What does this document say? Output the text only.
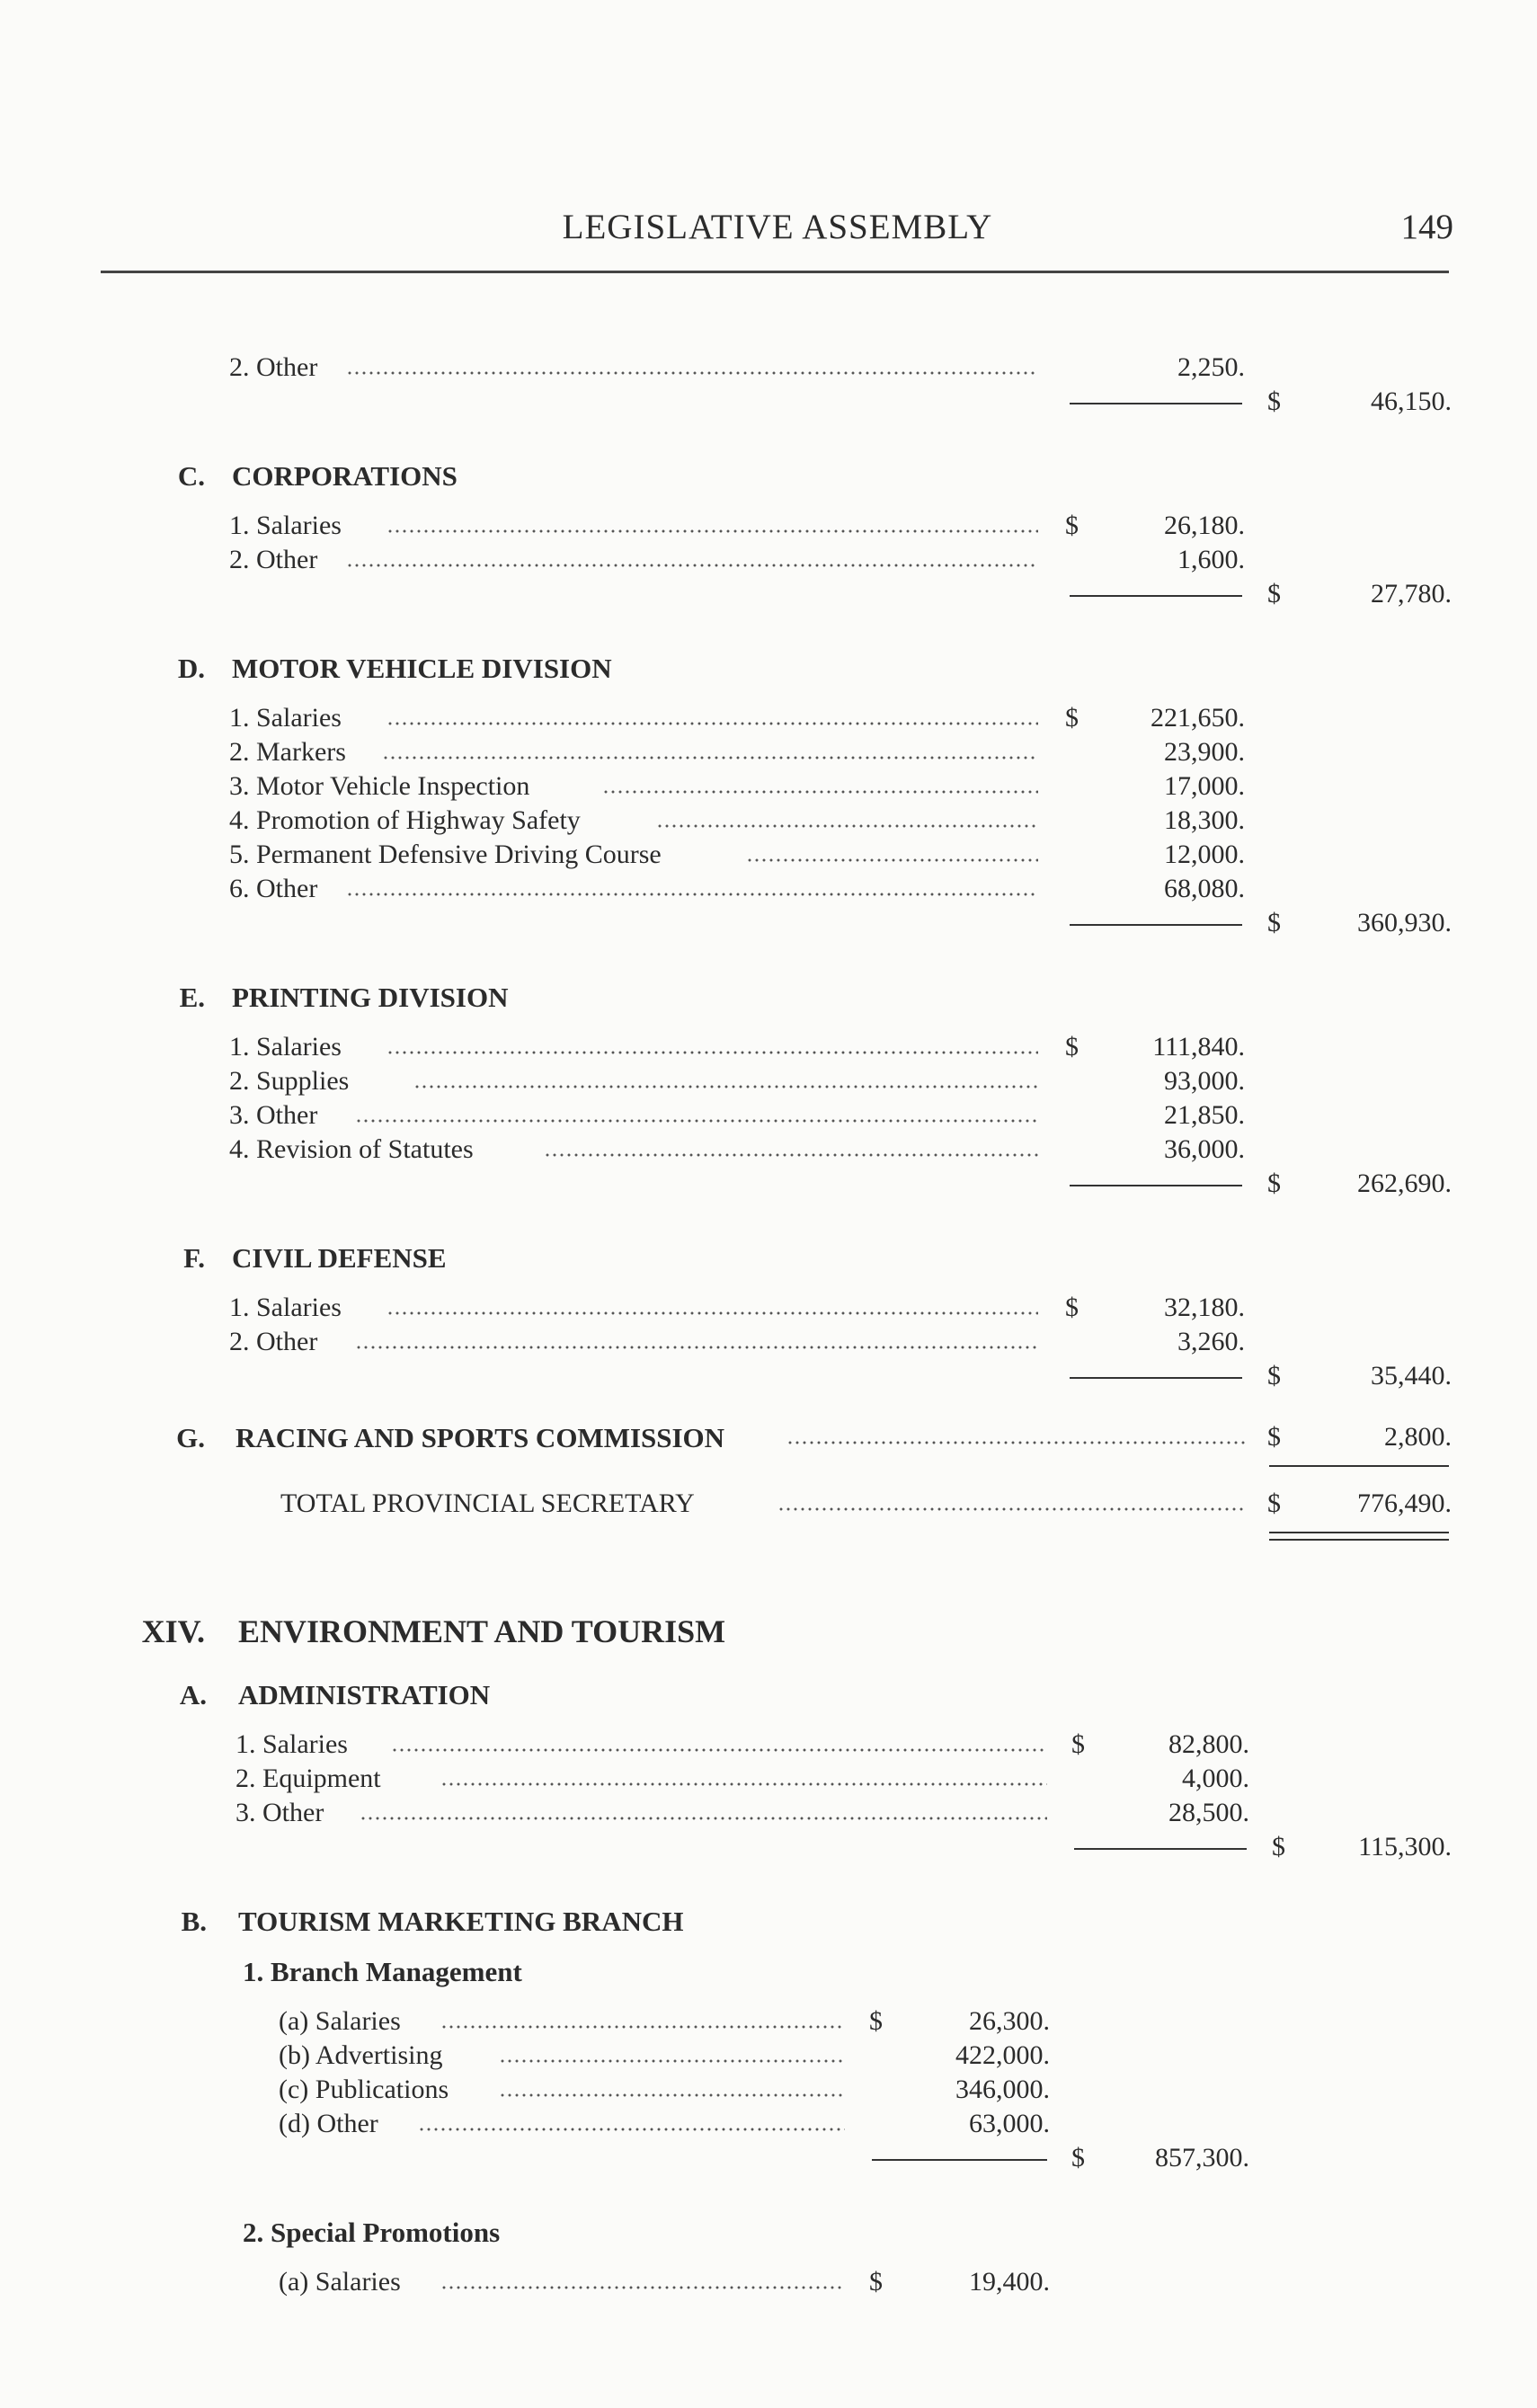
LEGISLATIVE ASSEMBLY	149
2. Other	2,250.
$	46,150.
C. CORPORATIONS
1. Salaries	$	26,180.
2. Other	1,600.
$	27,780.
D. MOTOR VEHICLE DIVISION
1. Salaries	$	221,650.
2. Markers	23,900.
3. Motor Vehicle Inspection	17,000.
4. Promotion of Highway Safety	18,300.
5. Permanent Defensive Driving Course	12,000.
6. Other	68,080.
$	360,930.
E. PRINTING DIVISION
1. Salaries	$	111,840.
2. Supplies	93,000.
3. Other	21,850.
4. Revision of Statutes	36,000.
$	262,690.
F. CIVIL DEFENSE
1. Salaries	$	32,180.
2. Other	3,260.
$	35,440.
G. RACING AND SPORTS COMMISSION	$	2,800.
TOTAL PROVINCIAL SECRETARY	$	776,490.
XIV. ENVIRONMENT AND TOURISM
A. ADMINISTRATION
1. Salaries	$	82,800.
2. Equipment	4,000.
3. Other	28,500.
$	115,300.
B. TOURISM MARKETING BRANCH
1. Branch Management
(a) Salaries	$	26,300.
(b) Advertising	422,000.
(c) Publications	346,000.
(d) Other	63,000.
$	857,300.
2. Special Promotions
(a) Salaries	$	19,400.
